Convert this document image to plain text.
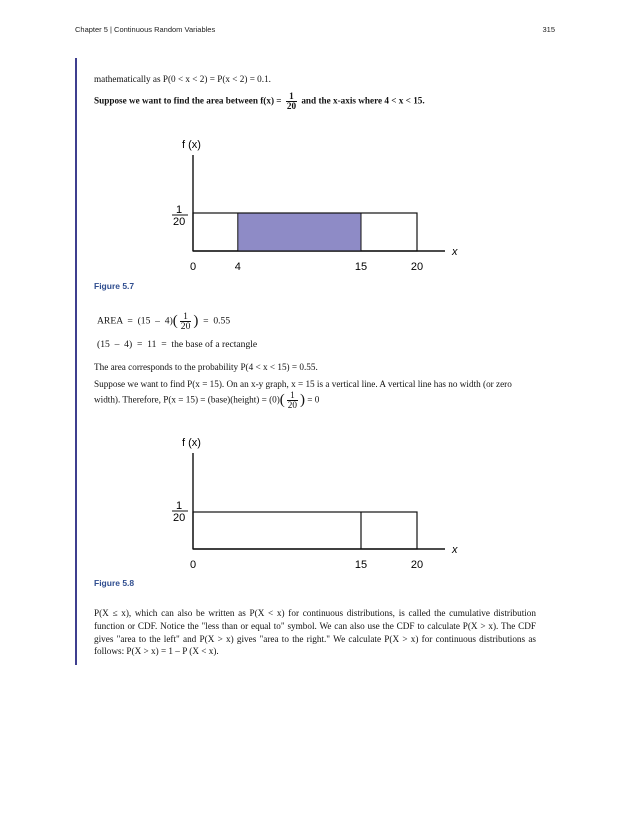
Chapter 5 | Continuous Random Variables	315
mathematically as P(0 < x < 2) = P(x < 2) = 0.1.
Suppose we want to find the area between $f(x) = \frac{1}{20}$ and the x-axis where 4 < x < 15.
f (x)
x
1
20
0	4	15	20
Figure 5.7
AREA  =  $(15 - 4)( \frac{1}{20}$ ) =  0.55
(15  –  4)  =  11  =  the base of a rectangle
The area corresponds to the probability P(4 < x < 15) = 0.55.
Suppose we want to find P(x = 15). On an x-y graph, x = 15 is a vertical line. A vertical line has no width (or zero
width). Therefore, P(x = 15) = (base)(height) = $(0)( \frac{1}{20}$ ) = 0
f (x)
x
1
20
0	15	20
Figure 5.8
P(X ≤ x), which can also be written as P(X < x) for continuous distributions, is called the cumulative distribution function or CDF. Notice the "less than or equal to" symbol. We can also use the CDF to calculate P(X > x). The CDF gives "area to the left" and P(X > x) gives "area to the right." We calculate P(X > x) for continuous distributions as follows: P(X > x) = 1 – P (X < x).
